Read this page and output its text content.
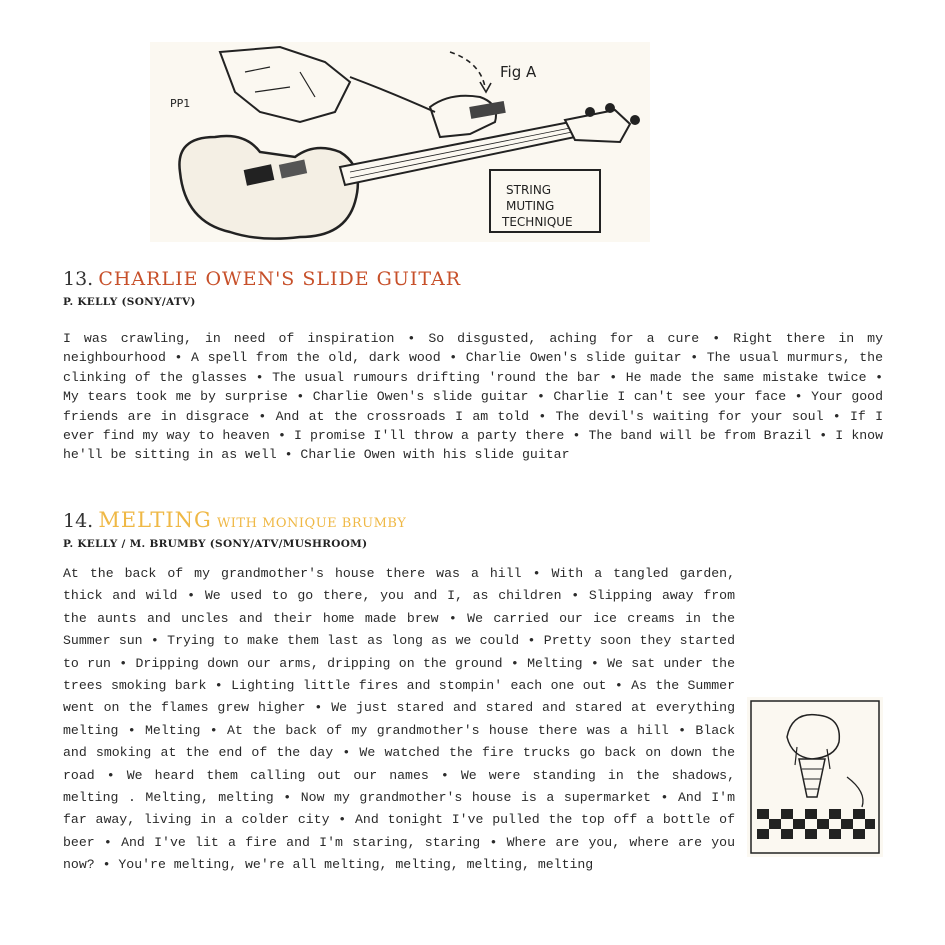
Fig A
PP1
STRING
MUTING
TECHNIQUE
13. CHARLIE OWEN'S SLIDE GUITAR
P. KELLY (SONY/ATV)

I was crawling, in need of inspiration • So disgusted, aching for a cure • Right there in my neighbourhood • A spell from the old, dark wood • Charlie Owen's slide guitar • The usual murmurs, the clinking of the glasses • The usual rumours drifting 'round the bar • He made the same mistake twice • My tears took me by surprise • Charlie Owen's slide guitar • Charlie I can't see your face • Your good friends are in disgrace • And at the crossroads I am told • The devil's waiting for your soul • If I ever find my way to heaven • I promise I'll throw a party there • The band will be from Brazil • I know he'll be sitting in as well • Charlie Owen with his slide guitar

14. MELTING WITH MONIQUE BRUMBY
P. KELLY / M. BRUMBY (SONY/ATV/MUSHROOM)
At the back of my grandmother's house there was a hill • With a tangled garden, thick and wild • We used to go there, you and I, as children • Slipping away from the aunts and uncles and their home made brew • We carried our ice creams in the Summer sun • Trying to make them last as long as we could • Pretty soon they started to run • Dripping down our arms, dripping on the ground • Melting • We sat under the trees smoking bark • Lighting little fires and stompin' each one out • As the Summer went on the flames grew higher • We just stared and stared and stared at everything melting • Melting • At the back of my grandmother's house there was a hill • Black and smoking at the end of the day • We watched the fire trucks go back on down the road • We heard them calling out our names • We were standing in the shadows, melting . Melting, melting • Now my grandmother's house is a supermarket • And I'm far away, living in a colder city • And tonight I've pulled the top off a bottle of beer • And I've lit a fire and I'm staring, staring • Where are you, where are you now? • You're melting, we're all melting, melting, melting, melting
